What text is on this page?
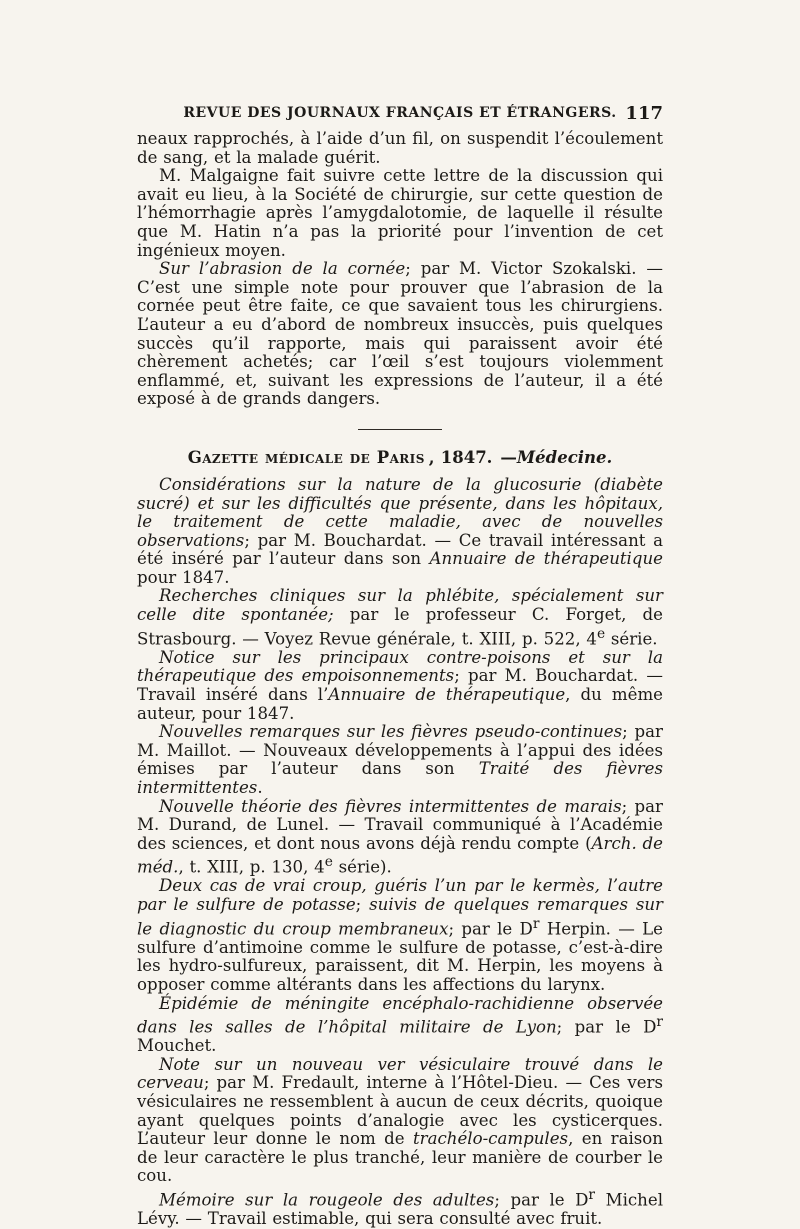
REVUE DES JOURNAUX FRANÇAIS ET ÉTRANGERS. 117

neaux rapprochés, à l’aide d’un fil, on suspendit l’écoulement de sang, et la malade guérit.

M. Malgaigne fait suivre cette lettre de la discussion qui avait eu lieu, à la Société de chirurgie, sur cette question de l’hémorrhagie après l’amygdalotomie, de laquelle il résulte que M. Hatin n’a pas la priorité pour l’invention de cet ingénieux moyen.

Sur l’abrasion de la cornée; par M. Victor Szokalski. — C’est une simple note pour prouver que l’abrasion de la cornée peut être faite, ce que savaient tous les chirurgiens. L’auteur a eu d’abord de nombreux insuccès, puis quelques succès qu’il rapporte, mais qui paraissent avoir été chèrement achetés; car l’œil s’est toujours violemment enflammé, et, suivant les expressions de l’auteur, il a été exposé à de grands dangers.

Gazette médicale de Paris , 1847. —Médecine.

Considérations sur la nature de la glucosurie (diabète sucré) et sur les difficultés que présente, dans les hôpitaux, le traitement de cette maladie, avec de nouvelles observations; par M. Bouchardat. — Ce travail intéressant a été inséré par l’auteur dans son Annuaire de thérapeutique pour 1847.

Recherches cliniques sur la phlébite, spécialement sur celle dite spontanée; par le professeur C. Forget, de Strasbourg. — Voyez Revue générale, t. XIII, p. 522, 4e série.

Notice sur les principaux contre-poisons et sur la thérapeutique des empoisonnements; par M. Bouchardat. — Travail inséré dans l’Annuaire de thérapeutique, du même auteur, pour 1847.

Nouvelles remarques sur les fièvres pseudo-continues; par M. Maillot. — Nouveaux développements à l’appui des idées émises par l’auteur dans son Traité des fièvres intermittentes.

Nouvelle théorie des fièvres intermittentes de marais; par M. Durand, de Lunel. — Travail communiqué à l’Académie des sciences, et dont nous avons déjà rendu compte (Arch. de méd., t. XIII, p. 130, 4e série).

Deux cas de vrai croup, guéris l’un par le kermès, l’autre par le sulfure de potasse; suivis de quelques remarques sur le diagnostic du croup membraneux; par le $D^r$ Herpin. — Le sulfure d’antimoine comme le sulfure de potasse, c’est-à-dire les hydro-sulfureux, paraissent, dit M. Herpin, les moyens à opposer comme altérants dans les affections du larynx.

Épidémie de méningite encéphalo-rachidienne observée dans les salles de l’hôpital militaire de Lyon; par le $D^r$ Mouchet.

Note sur un nouveau ver vésiculaire trouvé dans le cerveau; par M. Fredault, interne à l’Hôtel-Dieu. — Ces vers vésiculaires ne ressemblent à aucun de ceux décrits, quoique ayant quelques points d’analogie avec les cysticerques. L’auteur leur donne le nom de trachélo-campules, en raison de leur caractère le plus tranché, leur manière de courber le cou.

Mémoire sur la rougeole des adultes; par le $D^r$ Michel Lévy. — Travail estimable, qui sera consulté avec fruit.
